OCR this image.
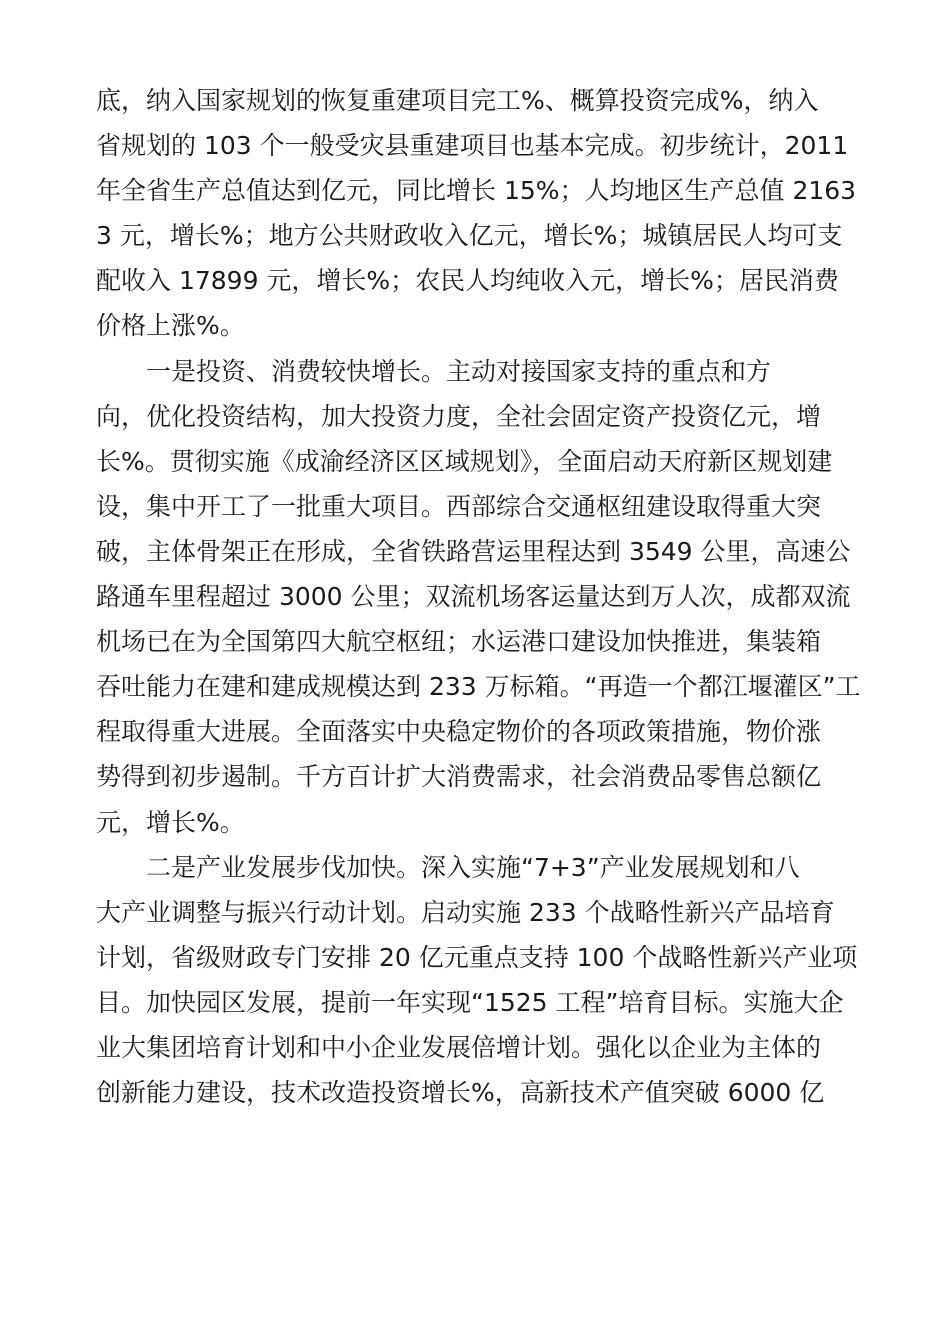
底，纳入国家规划的恢复重建项目完工%、概算投资完成%，纳入
省规划的 103 个一般受灾县重建项目也基本完成。初步统计，2011
年全省生产总值达到亿元，同比增长 15%；人均地区生产总值 2163
3 元，增长%；地方公共财政收入亿元，增长%；城镇居民人均可支
配收入 17899 元，增长%；农民人均纯收入元，增长%；居民消费
价格上涨%。
　　一是投资、消费较快增长。主动对接国家支持的重点和方
向，优化投资结构，加大投资力度，全社会固定资产投资亿元，增
长%。贯彻实施《成渝经济区区域规划》，全面启动天府新区规划建
设，集中开工了一批重大项目。西部综合交通枢纽建设取得重大突
破，主体骨架正在形成，全省铁路营运里程达到 3549 公里，高速公
路通车里程超过 3000 公里；双流机场客运量达到万人次，成都双流
机场已在为全国第四大航空枢纽；水运港口建设加快推进，集装箱
吞吐能力在建和建成规模达到 233 万标箱。“再造一个都江堰灌区”工
程取得重大进展。全面落实中央稳定物价的各项政策措施，物价涨
势得到初步遏制。千方百计扩大消费需求，社会消费品零售总额亿
元，增长%。
　　二是产业发展步伐加快。深入实施“7+3”产业发展规划和八
大产业调整与振兴行动计划。启动实施 233 个战略性新兴产品培育
计划，省级财政专门安排 20 亿元重点支持 100 个战略性新兴产业项
目。加快园区发展，提前一年实现“1525 工程”培育目标。实施大企
业大集团培育计划和中小企业发展倍增计划。强化以企业为主体的
创新能力建设，技术改造投资增长%，高新技术产值突破 6000 亿
